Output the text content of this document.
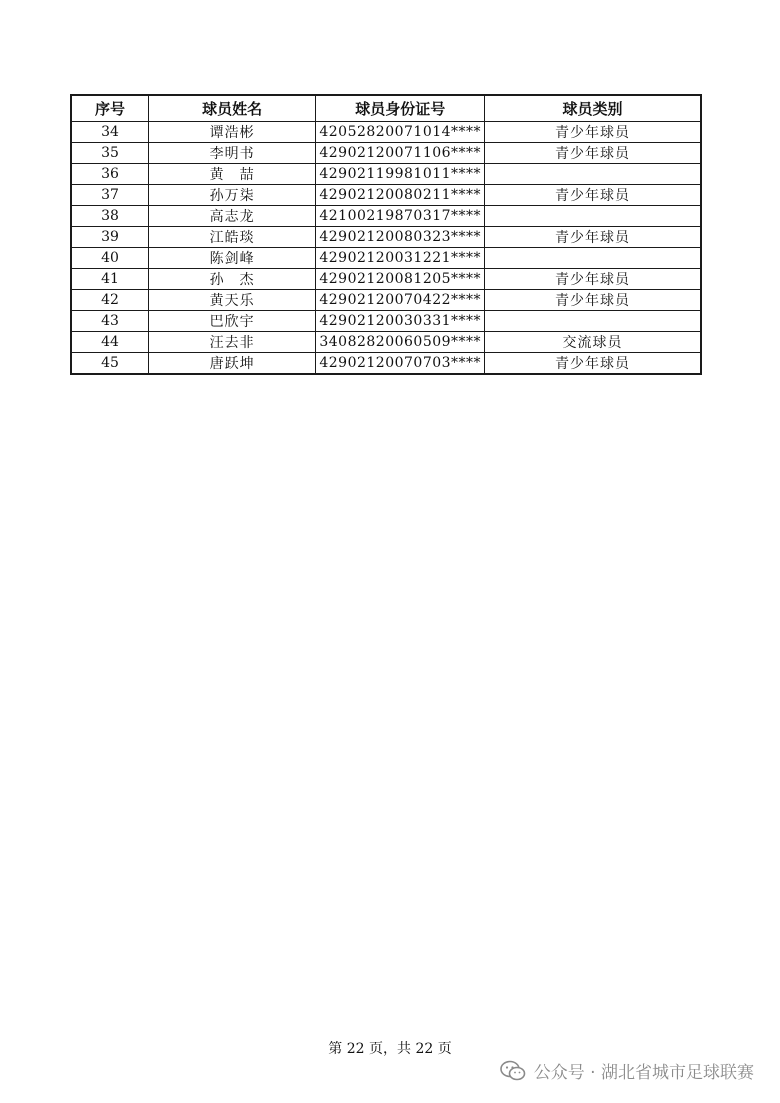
序号	球员姓名	球员身份证号	球员类别
34	谭浩彬	42052820071014****	青少年球员
35	李明书	42902120071106****	青少年球员
36	黄　喆	42902119981011****	
37	孙万柒	42902120080211****	青少年球员
38	高志龙	42100219870317****	
39	江皓琰	42902120080323****	青少年球员
40	陈剑峰	42902120031221****	
41	孙　杰	42902120081205****	青少年球员
42	黄天乐	42902120070422****	青少年球员
43	巴欣宇	42902120030331****	
44	汪去非	34082820060509****	交流球员
45	唐跃坤	42902120070703****	青少年球员
第 22 页，共 22 页
公众号 · 湖北省城市足球联赛
